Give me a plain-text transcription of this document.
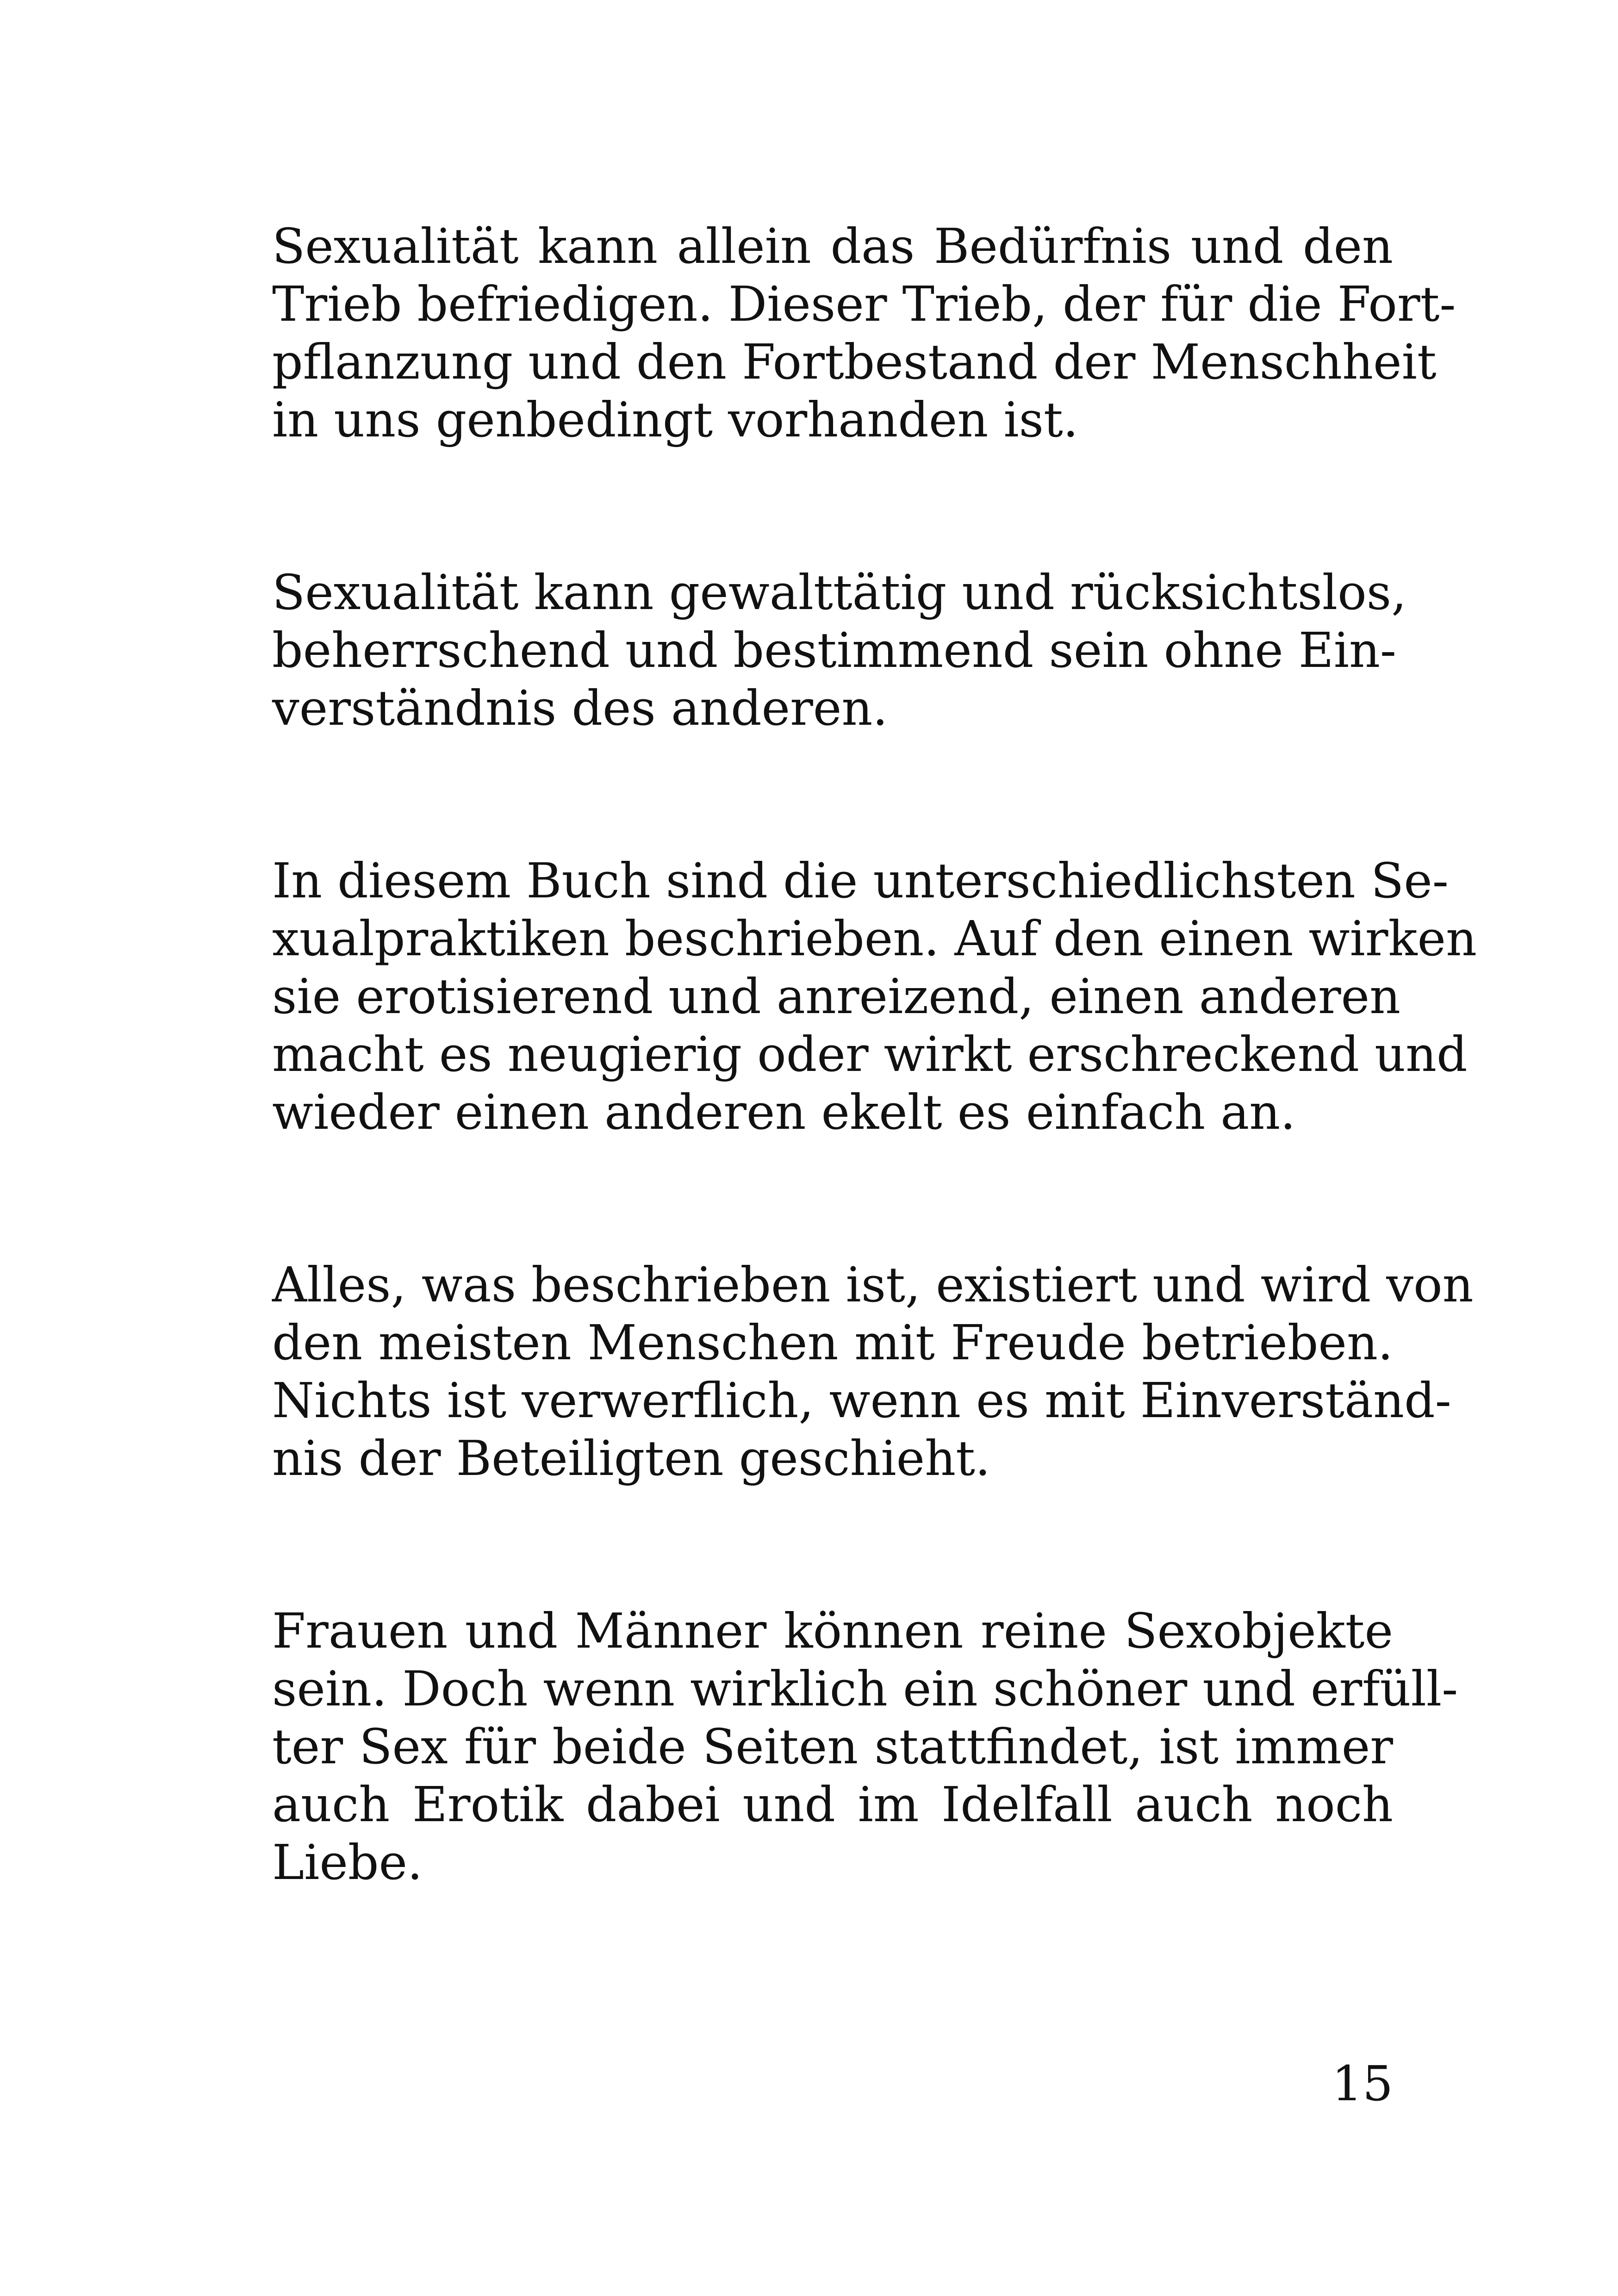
Sexualität kann allein das Bedürfnis und den
Trieb befriedigen. Dieser Trieb, der für die Fort-
pflanzung und den Fortbestand der Menschheit
in uns genbedingt vorhanden ist.

Sexualität kann gewalttätig und rücksichtslos,
beherrschend und bestimmend sein ohne Ein-
verständnis des anderen.

In diesem Buch sind die unterschiedlichsten Se-
xualpraktiken beschrieben. Auf den einen wirken
sie erotisierend und anreizend, einen anderen
macht es neugierig oder wirkt erschreckend und
wieder einen anderen ekelt es einfach an.

Alles, was beschrieben ist, existiert und wird von
den meisten Menschen mit Freude betrieben.
Nichts ist verwerflich, wenn es mit Einverständ-
nis der Beteiligten geschieht.

Frauen und Männer können reine Sexobjekte
sein. Doch wenn wirklich ein schöner und erfüll-
ter Sex für beide Seiten stattfindet, ist immer
auch Erotik dabei und im Idelfall auch noch
Liebe.

15
